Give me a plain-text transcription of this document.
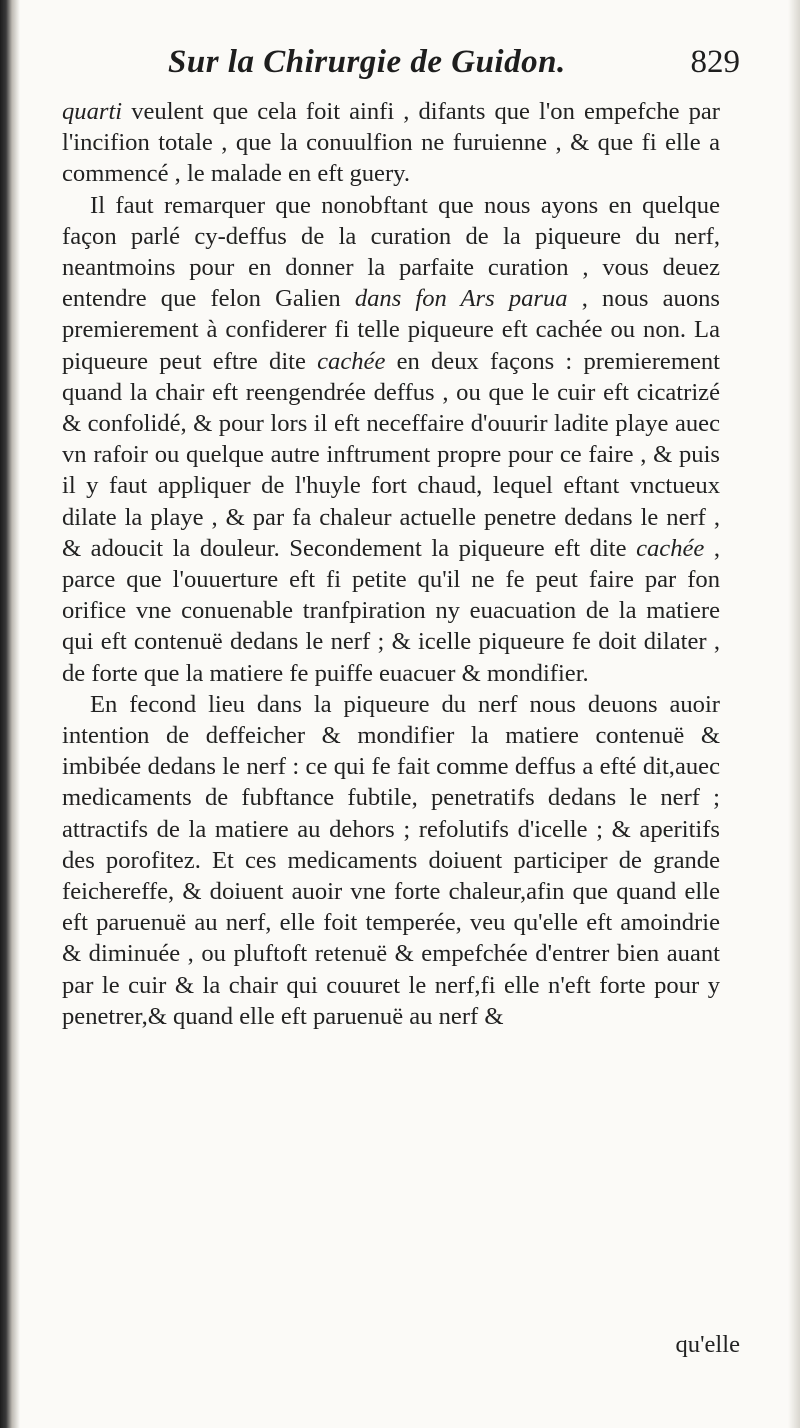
Sur la Chirurgie de Guidon.	829

quarti veulent que cela foit ainfi , difants que l'on empefche par l'incifion totale , que la conuulfion ne furuienne , & que fi elle a commencé , le malade en eft guery.

Il faut remarquer que nonobftant que nous ayons en quelque façon parlé cy-deffus de la curation de la piqueure du nerf, neantmoins pour en donner la parfaite curation , vous deuez entendre que felon Galien dans fon Ars parua , nous auons premierement à confiderer fi telle piqueure eft cachée ou non. La piqueure peut eftre dite cachée en deux façons : premierement quand la chair eft reengendrée deffus , ou que le cuir eft cicatrizé & confolidé, & pour lors il eft neceffaire d'ouurir ladite playe auec vn rafoir ou quelque autre inftrument propre pour ce faire , & puis il y faut appliquer de l'huyle fort chaud, lequel eftant vnctueux dilate la playe , & par fa chaleur actuelle penetre dedans le nerf , & adoucit la douleur. Secondement la piqueure eft dite cachée , parce que l'ouuerture eft fi petite qu'il ne fe peut faire par fon orifice vne conuenable tranfpiration ny euacuation de la matiere qui eft contenuë dedans le nerf ; & icelle piqueure fe doit dilater , de forte que la matiere fe puiffe euacuer & mondifier.

En fecond lieu dans la piqueure du nerf nous deuons auoir intention de deffeicher & mondifier la matiere contenuë & imbibée dedans le nerf : ce qui fe fait comme deffus a efté dit,auec medicaments de fubftance fubtile, penetratifs dedans le nerf ; attractifs de la matiere au dehors ; refolutifs d'icelle ; & aperitifs des porofitez. Et ces medicaments doiuent participer de grande feichereffe, & doiuent auoir vne forte chaleur,afin que quand elle eft paruenuë au nerf, elle foit temperée, veu qu'elle eft amoindrie & diminuée , ou pluftoft retenuë & empefchée d'entrer bien auant par le cuir & la chair qui couuret le nerf,fi elle n'eft forte pour y penetrer,& quand elle eft paruenuë au nerf &

qu'elle
